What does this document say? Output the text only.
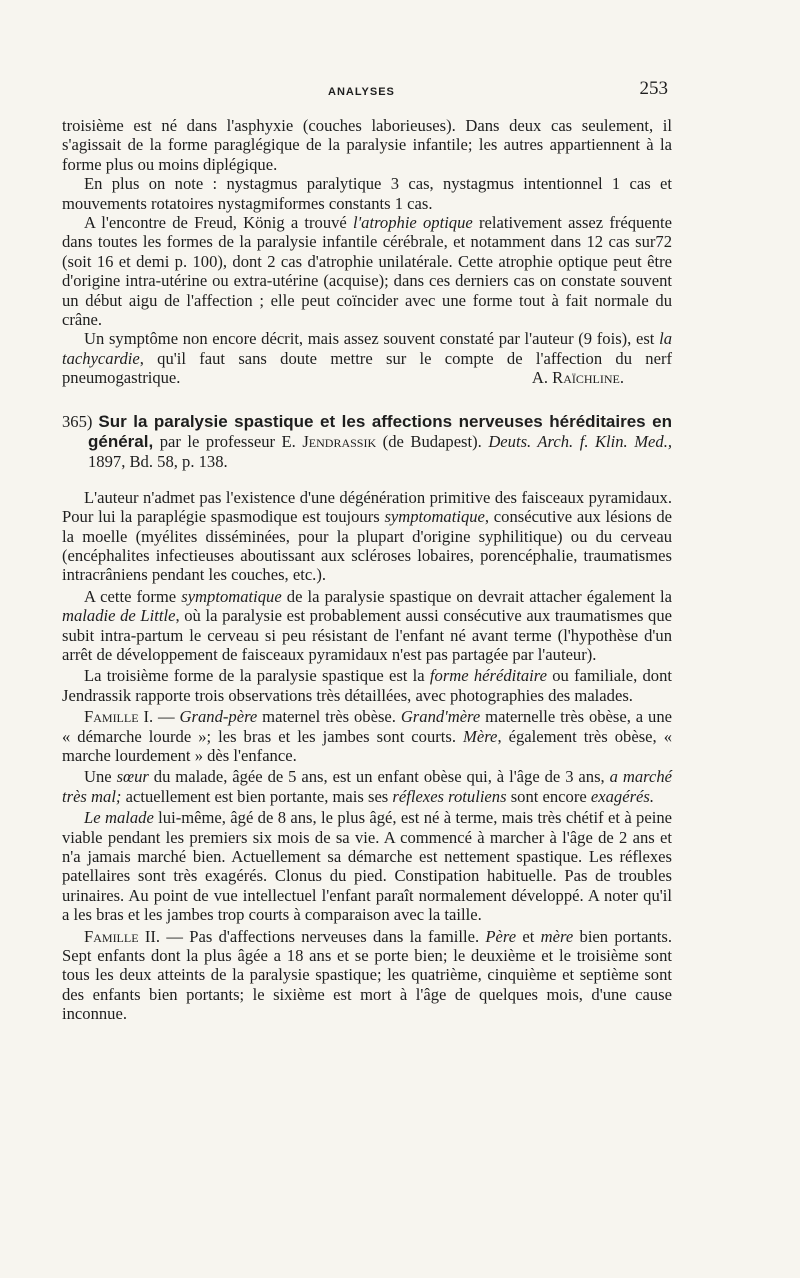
ANALYSES	253

troisième est né dans l'asphyxie (couches laborieuses). Dans deux cas seulement, il s'agissait de la forme paraglégique de la paralysie infantile; les autres appartiennent à la forme plus ou moins diplégique.

En plus on note : nystagmus paralytique 3 cas, nystagmus intentionnel 1 cas et mouvements rotatoires nystagmiformes constants 1 cas.

A l'encontre de Freud, König a trouvé l'atrophie optique relativement assez fréquente dans toutes les formes de la paralysie infantile cérébrale, et notamment dans 12 cas sur72 (soit 16 et demi p. 100), dont 2 cas d'atrophie unilatérale. Cette atrophie optique peut être d'origine intra-utérine ou extra-utérine (acquise); dans ces derniers cas on constate souvent un début aigu de l'affection ; elle peut coïncider avec une forme tout à fait normale du crâne.

Un symptôme non encore décrit, mais assez souvent constaté par l'auteur (9 fois), est la tachycardie, qu'il faut sans doute mettre sur le compte de l'affection du nerf pneumogastrique.	A. Raïchline.
365) Sur la paralysie spastique et les affections nerveuses héréditaires en général, par le professeur E. Jendrassik (de Budapest). Deuts. Arch. f. Klin. Med., 1897, Bd. 58, p. 138.

L'auteur n'admet pas l'existence d'une dégénération primitive des faisceaux pyramidaux. Pour lui la paraplégie spasmodique est toujours symptomatique, consécutive aux lésions de la moelle (myélites disséminées, pour la plupart d'origine syphilitique) ou du cerveau (encéphalites infectieuses aboutissant aux scléroses lobaires, porencéphalie, traumatismes intracrâniens pendant les couches, etc.).

A cette forme symptomatique de la paralysie spastique on devrait attacher également la maladie de Little, où la paralysie est probablement aussi consécutive aux traumatismes que subit intra-partum le cerveau si peu résistant de l'enfant né avant terme (l'hypothèse d'un arrêt de développement de faisceaux pyramidaux n'est pas partagée par l'auteur).

La troisième forme de la paralysie spastique est la forme héréditaire ou familiale, dont Jendrassik rapporte trois observations très détaillées, avec photographies des malades.

Famille I. — Grand-père maternel très obèse. Grand'mère maternelle très obèse, a une « démarche lourde »; les bras et les jambes sont courts. Mère, également très obèse, « marche lourdement » dès l'enfance.

Une sœur du malade, âgée de 5 ans, est un enfant obèse qui, à l'âge de 3 ans, a marché très mal; actuellement est bien portante, mais ses réflexes rotuliens sont encore exagérés.

Le malade lui-même, âgé de 8 ans, le plus âgé, est né à terme, mais très chétif et à peine viable pendant les premiers six mois de sa vie. A commencé à marcher à l'âge de 2 ans et n'a jamais marché bien. Actuellement sa démarche est nettement spastique. Les réflexes patellaires sont très exagérés. Clonus du pied. Constipation habituelle. Pas de troubles urinaires. Au point de vue intellectuel l'enfant paraît normalement développé. A noter qu'il a les bras et les jambes trop courts à comparaison avec la taille.

Famille II. — Pas d'affections nerveuses dans la famille. Père et mère bien portants. Sept enfants dont la plus âgée a 18 ans et se porte bien; le deuxième et le troisième sont tous les deux atteints de la paralysie spastique; les quatrième, cinquième et septième sont des enfants bien portants; le sixième est mort à l'âge de quelques mois, d'une cause inconnue.
